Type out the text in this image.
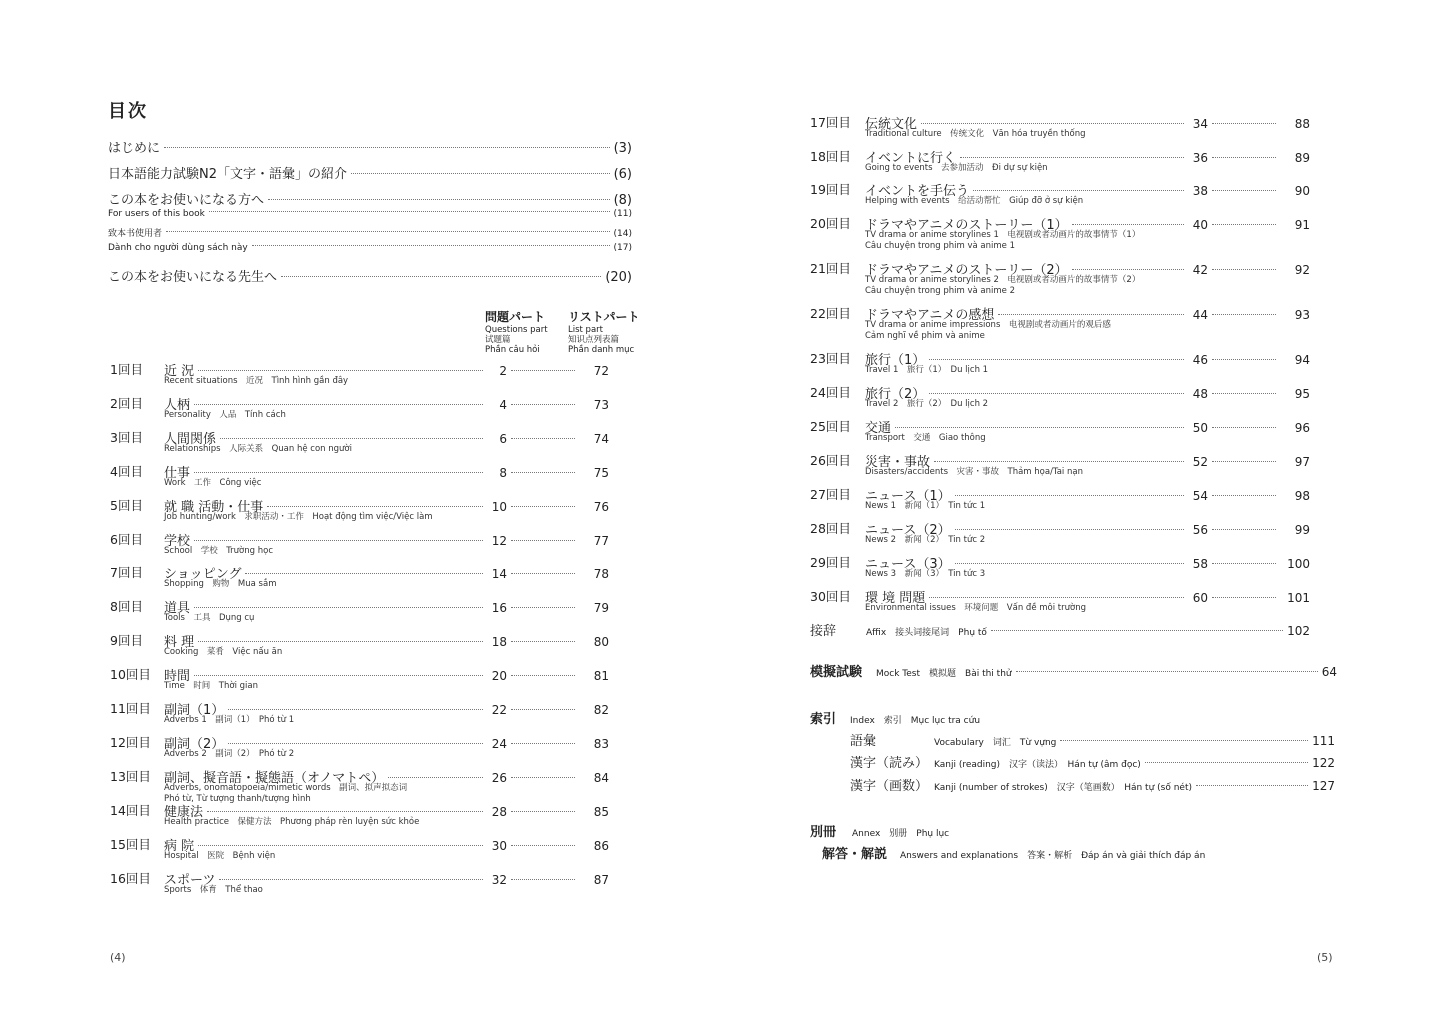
目次
はじめに	(3)
日本語能力試験N2「文字・語彙」の紹介	(6)
この本をお使いになる方へ	(8)
For users of this book	(11)
致本书使用者	(14)
Dành cho người dùng sách này	(17)
この本をお使いになる先生へ	(20)
問題パート
Questions part
试题篇
Phần câu hỏi
リストパート
List part
知识点列表篇
Phần danh mục
1回目 近 況	2	72
Recent situations　近况　Tình hình gần đây
2回目 人柄	4	73
Personality　人品　Tính cách
3回目 人間関係	6	74
Relationships　人际关系　Quan hệ con người
4回目 仕事	8	75
Work　工作　Công việc
5回目 就 職 活動・仕事	10	76
Job hunting/work　求职活动・工作　Hoạt động tìm việc/Việc làm
6回目 学校	12	77
School　学校　Trường học
7回目 ショッピング	14	78
Shopping　购物　Mua sắm
8回目 道具	16	79
Tools　工具　Dụng cụ
9回目 料 理	18	80
Cooking　菜肴　Việc nấu ăn
10回目 時間	20	81
Time　时间　Thời gian
11回目 副詞（1）	22	82
Adverbs 1　副词（1）　Phó từ 1
12回目 副詞（2）	24	83
Adverbs 2　副词（2）　Phó từ 2
13回目 副詞、擬音語・擬態語（オノマトペ）	26	84
Adverbs, onomatopoeia/mimetic words　副词、拟声拟态词
Phó từ, Từ tượng thanh/tượng hình
14回目 健康法	28	85
Health practice　保健方法　Phương pháp rèn luyện sức khỏe
15回目 病 院	30	86
Hospital　医院　Bệnh viện
16回目 スポーツ	32	87
Sports　体育　Thể thao
(4)
17回目 伝統文化	34	88
Traditional culture　传统文化　Văn hóa truyền thống
18回目 イベントに行く	36	89
Going to events　去参加活动　Đi dự sự kiện
19回目 イベントを手伝う	38	90
Helping with events　给活动帮忙　Giúp đỡ ở sự kiện
20回目 ドラマやアニメのストーリー（1）	40	91
TV drama or anime storylines 1　电视剧或者动画片的故事情节（1）
Câu chuyện trong phim và anime 1
21回目 ドラマやアニメのストーリー（2）	42	92
TV drama or anime storylines 2　电视剧或者动画片的故事情节（2）
Câu chuyện trong phim và anime 2
22回目 ドラマやアニメの感想	44	93
TV drama or anime impressions　电视剧或者动画片的观后感
Cảm nghĩ về phim và anime
23回目 旅行（1）	46	94
Travel 1　旅行（1）　Du lịch 1
24回目 旅行（2）	48	95
Travel 2　旅行（2）　Du lịch 2
25回目 交通	50	96
Transport　交通　Giao thông
26回目 災害・事故	52	97
Disasters/accidents　灾害・事故　Thảm họa/Tai nạn
27回目 ニュース（1）	54	98
News 1　新闻（1）　Tin tức 1
28回目 ニュース（2）	56	99
News 2　新闻（2）　Tin tức 2
29回目 ニュース（3）	58	100
News 3　新闻（3）　Tin tức 3
30回目 環 境 問題	60	101
Environmental issues　环境问题　Vấn đề môi trường
接辞	Affix　接头词接尾词　Phụ tố	102
模擬試験	Mock Test　模拟题　Bài thi thử	64
索引	Index　索引　Mục lục tra cứu
語彙	Vocabulary　词汇　Từ vựng	111
漢字（読み） Kanji (reading)　汉字（读法）　Hán tự (âm đọc)	122
漢字（画数） Kanji (number of strokes)　汉字（笔画数）　Hán tự (số nét)	127
別冊	Annex　别册　Phụ lục
解答・解説	Answers and explanations　答案・解析　Đáp án và giải thích đáp án
(5)
